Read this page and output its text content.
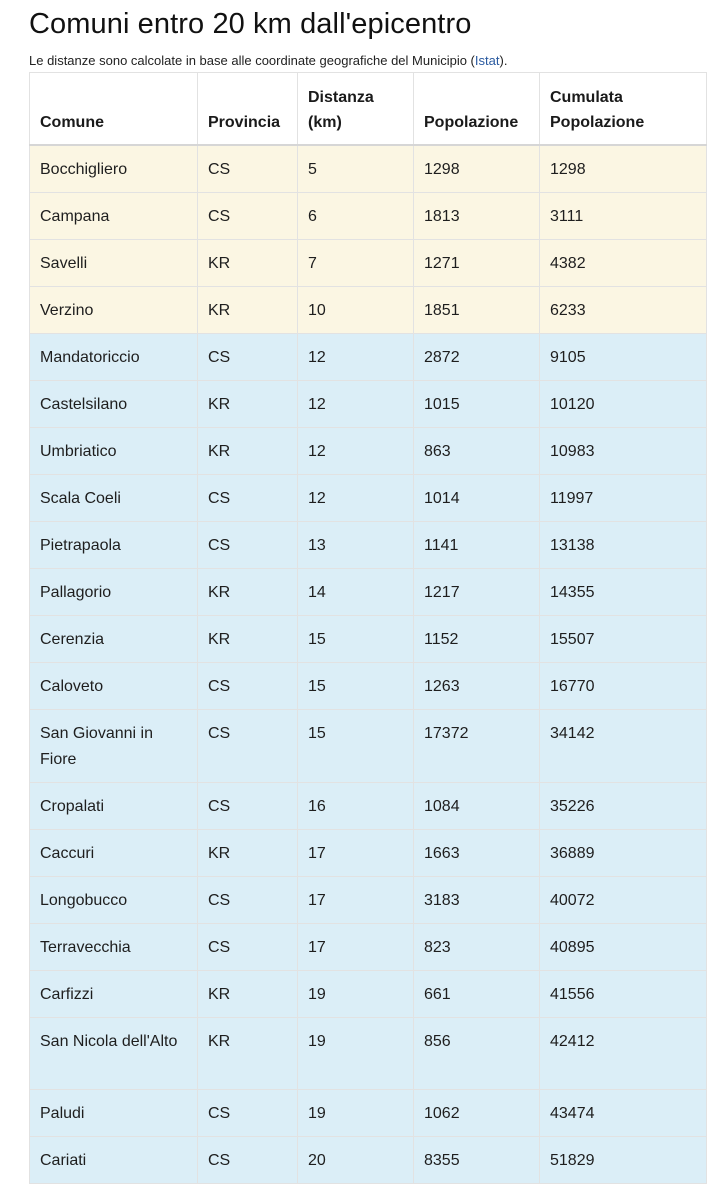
Comuni entro 20 km dall'epicentro

Le distanze sono calcolate in base alle coordinate geografiche del Municipio (Istat).

Comune	Provincia	Distanza (km)	Popolazione	Cumulata Popolazione
Bocchigliero	CS	5	1298	1298
Campana	CS	6	1813	3111
Savelli	KR	7	1271	4382
Verzino	KR	10	1851	6233
Mandatoriccio	CS	12	2872	9105
Castelsilano	KR	12	1015	10120
Umbriatico	KR	12	863	10983
Scala Coeli	CS	12	1014	11997
Pietrapaola	CS	13	1141	13138
Pallagorio	KR	14	1217	14355
Cerenzia	KR	15	1152	15507
Caloveto	CS	15	1263	16770
San Giovanni in Fiore	CS	15	17372	34142
Cropalati	CS	16	1084	35226
Caccuri	KR	17	1663	36889
Longobucco	CS	17	3183	40072
Terravecchia	CS	17	823	40895
Carfizzi	KR	19	661	41556
San Nicola dell'Alto	KR	19	856	42412
Paludi	CS	19	1062	43474
Cariati	CS	20	8355	51829
